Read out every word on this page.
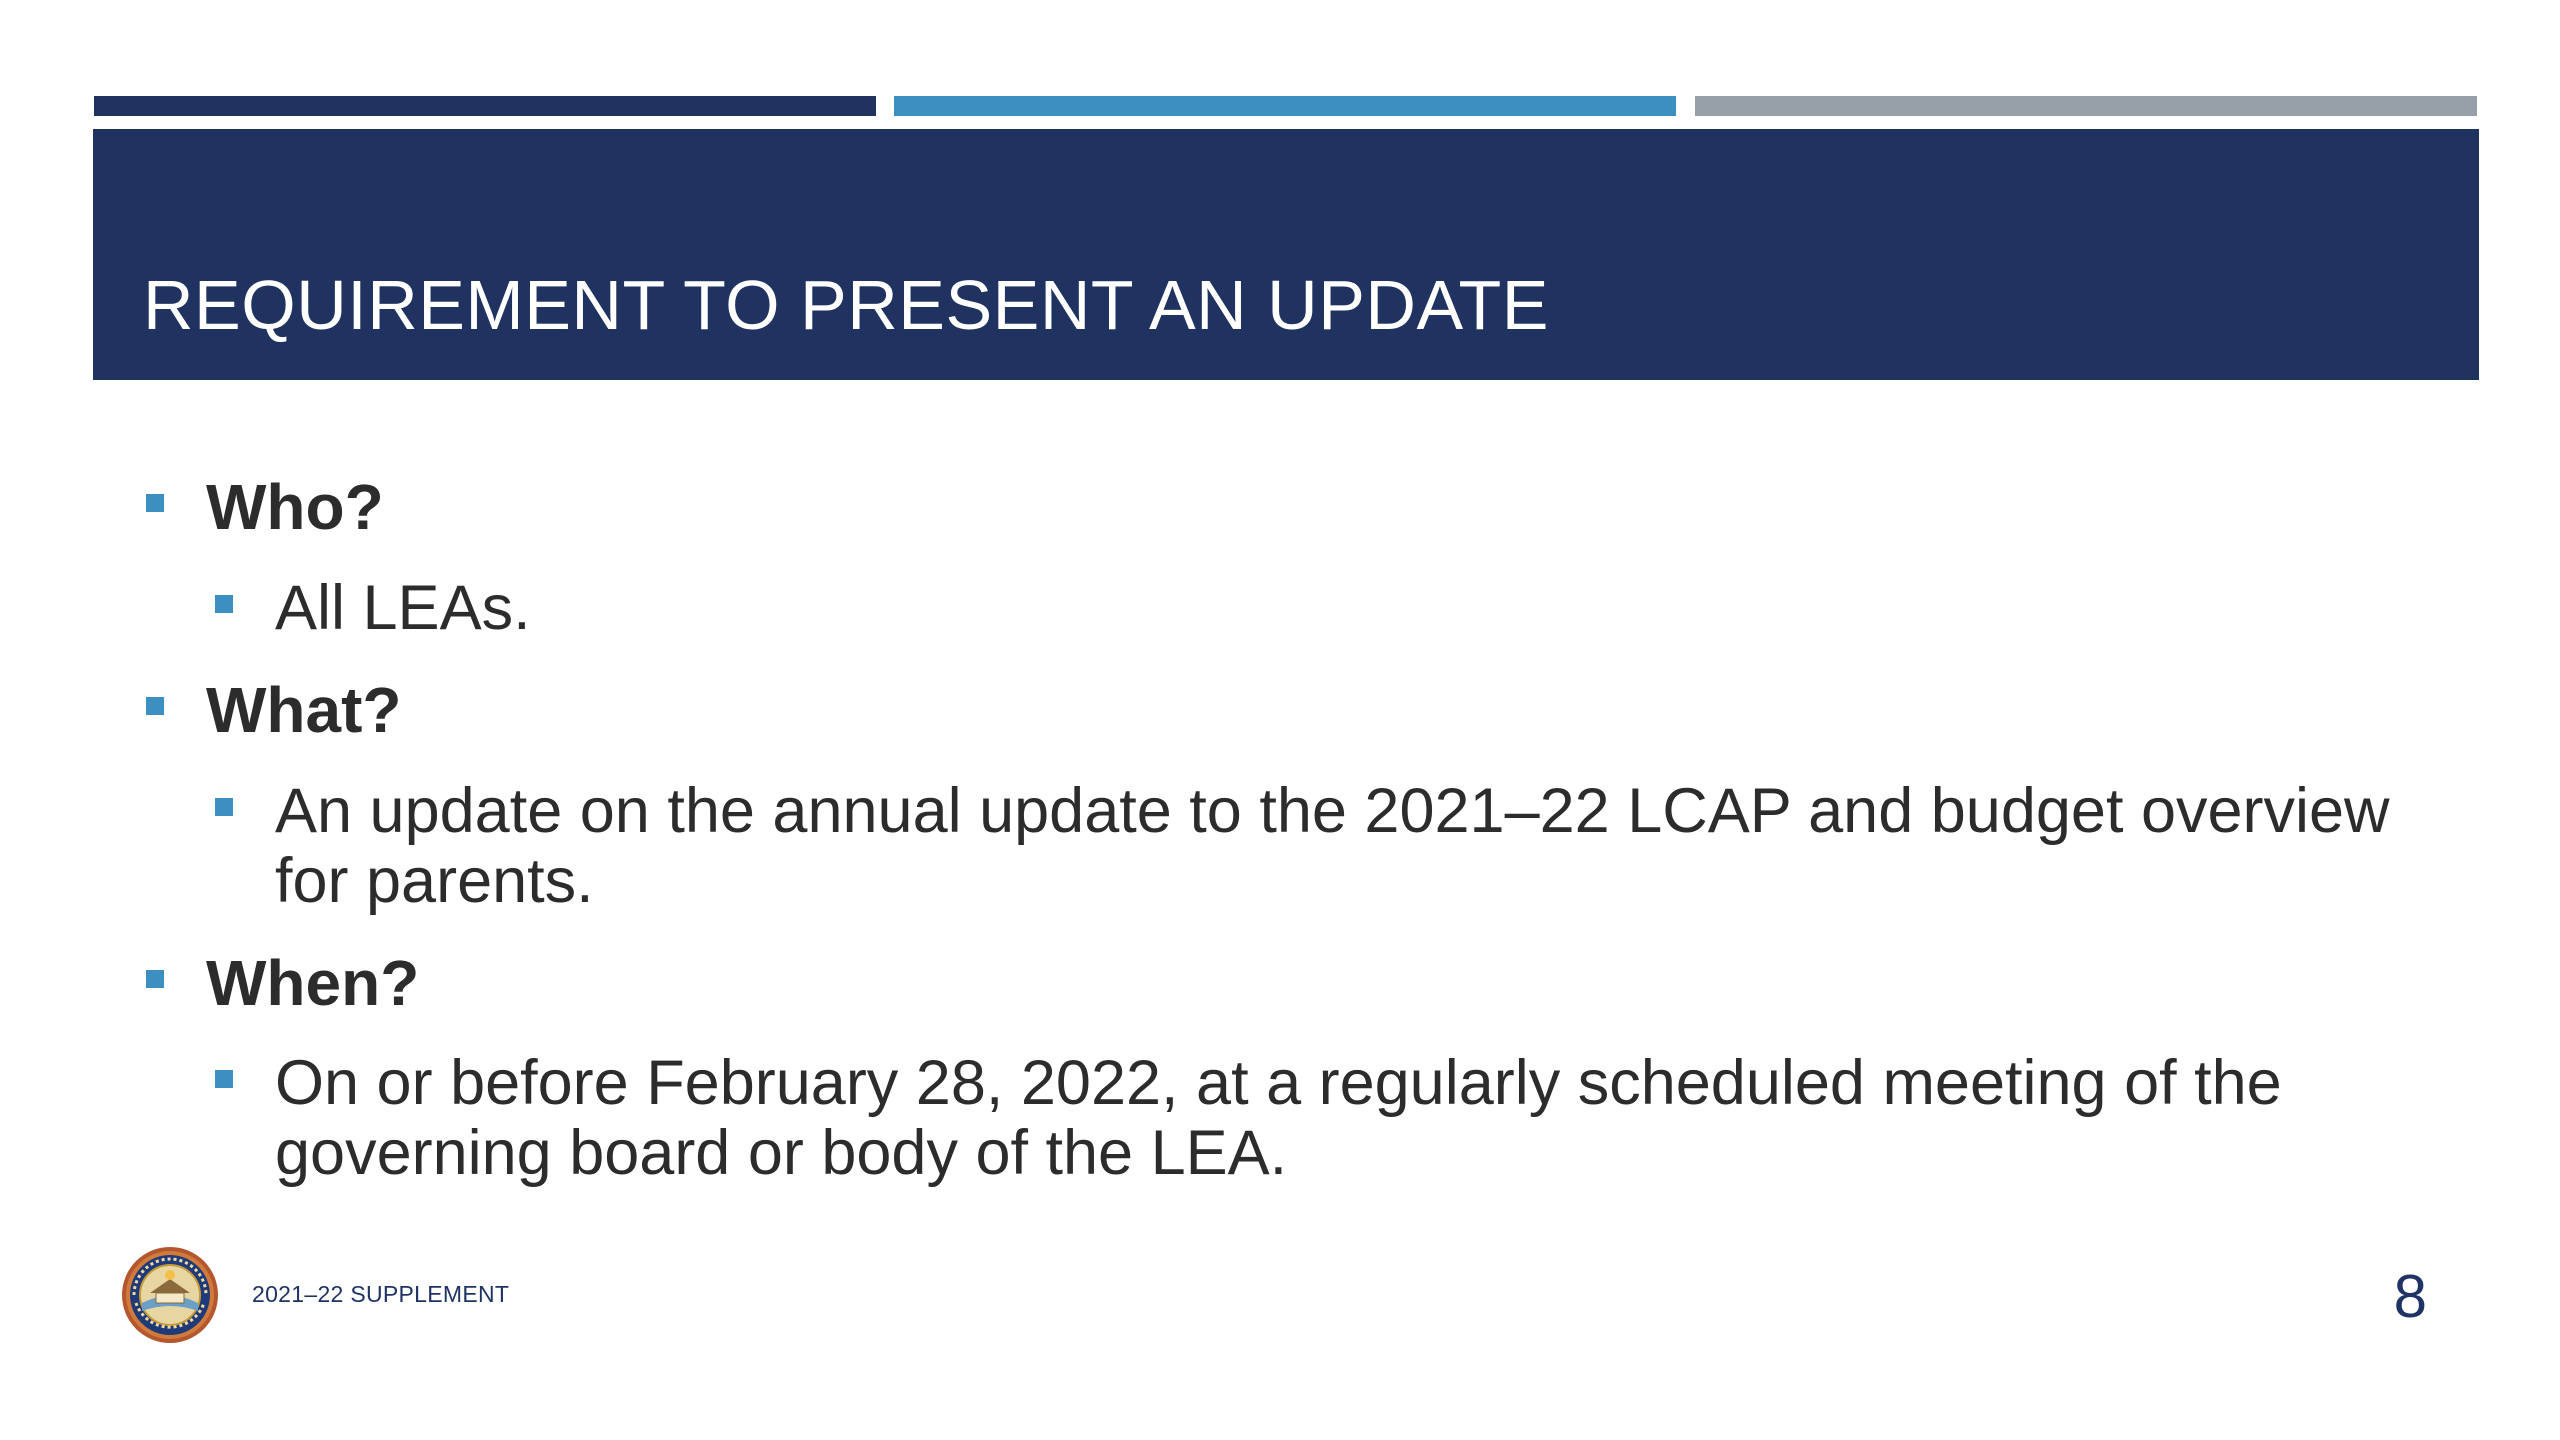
REQUIREMENT TO PRESENT AN UPDATE
Who?
All LEAs.
What?
An update on the annual update to the 2021–22 LCAP and budget overview for parents.
When?
On or before February 28, 2022, at a regularly scheduled meeting of the governing board or body of the LEA.
2021–22 SUPPLEMENT	8
